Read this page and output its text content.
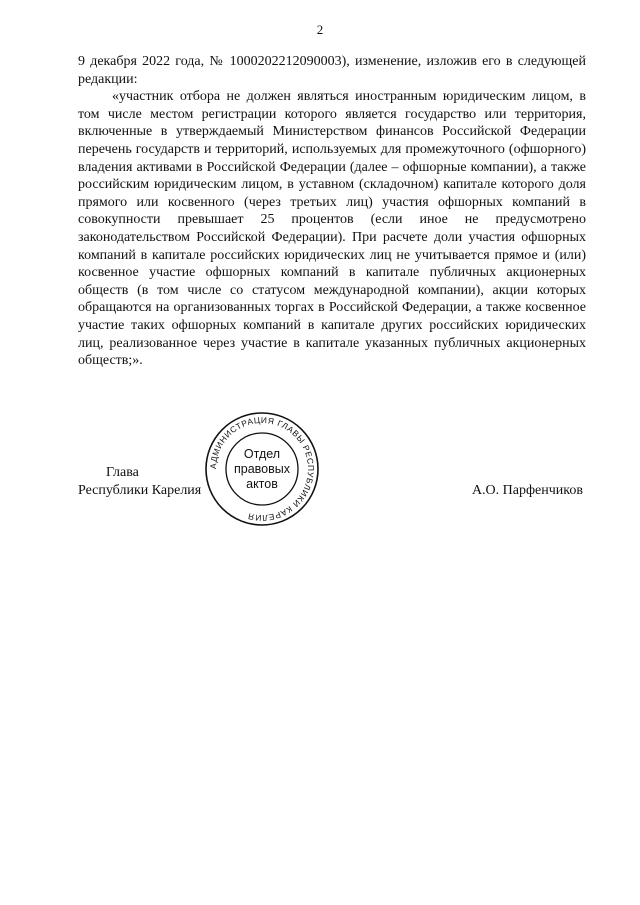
2

9 декабря 2022 года, № 1000202212090003), изменение, изложив его в следующей редакции:

«участник отбора не должен являться иностранным юридическим лицом, в том числе местом регистрации которого является государство или территория, включенные в утверждаемый Министерством финансов Российской Федерации перечень государств и территорий, используемых для промежуточного (офшорного) владения активами в Российской Федерации (далее – офшорные компании), а также российским юридическим лицом, в уставном (складочном) капитале которого доля прямого или косвенного (через третьих лиц) участия офшорных компаний в совокупности превышает 25 процентов (если иное не предусмотрено законодательством Российской Федерации). При расчете доли участия офшорных компаний в капитале российских юридических лиц не учитывается прямое и (или) косвенное участие офшорных компаний в капитале публичных акционерных обществ (в том числе со статусом международной компании), акции которых обращаются на организованных торгах в Российской Федерации, а также косвенное участие таких офшорных компаний в капитале других российских юридических лиц, реализованное через участие в капитале указанных публичных акционерных обществ;».

Глава
Республики Карелия	А.О. Парфенчиков
АДМИНИСТРАЦИЯ ГЛАВЫ РЕСПУБЛИКИ КАРЕЛИЯ
Отдел
правовых
актов
